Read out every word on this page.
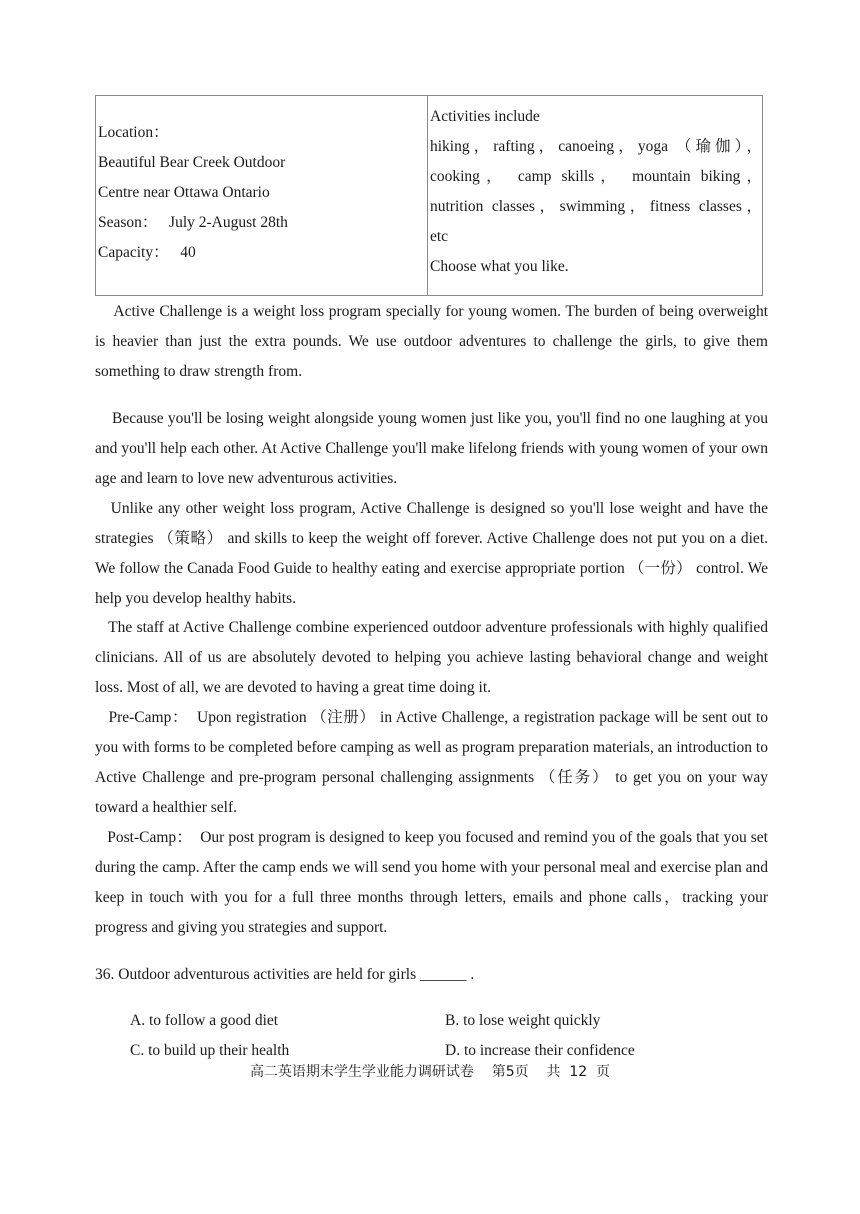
Location：
Beautiful Bear Creek Outdoor
Centre near Ottawa Ontario
Season：   July 2-August 28th
Capacity：   40
Activities include
hiking，rafting，canoeing，yoga （瑜伽），
cooking， camp skills， mountain biking，
nutrition classes，swimming，fitness classes，
etc
Choose what you like.

Active Challenge is a weight loss program specially for young women. The burden of being overweight is heavier than just the extra pounds. We use outdoor adventures to challenge the girls, to give them something to draw strength from.

Because you'll be losing weight alongside young women just like you, you'll find no one laughing at you and you'll help each other. At Active Challenge you'll make lifelong friends with young women of your own age and learn to love new adventurous activities.

Unlike any other weight loss program, Active Challenge is designed so you'll lose weight and have the strategies （策略） and skills to keep the weight off forever. Active Challenge does not put you on a diet. We follow the Canada Food Guide to healthy eating and exercise appropriate portion （一份） control. We help you develop healthy habits.

The staff at Active Challenge combine experienced outdoor adventure professionals with highly qualified clinicians. All of us are absolutely devoted to helping you achieve lasting behavioral change and weight loss. Most of all, we are devoted to having a great time doing it.

Pre-Camp：  Upon registration （注册） in Active Challenge, a registration package will be sent out to you with forms to be completed before camping as well as program preparation materials, an introduction to Active Challenge and pre-program personal challenging assignments （任务） to get you on your way toward a healthier self.

Post-Camp：  Our post program is designed to keep you focused and remind you of the goals that you set during the camp. After the camp ends we will send you home with your personal meal and exercise plan and keep in touch with you for a full three months through letters, emails and phone calls，tracking your progress and giving you strategies and support.

36. Outdoor adventurous activities are held for girls ______ .
A. to follow a good diet	B. to lose weight quickly
C. to build up their health	D. to increase their confidence
高二英语期末学生学业能力调研试卷    第5页    共  12  页
